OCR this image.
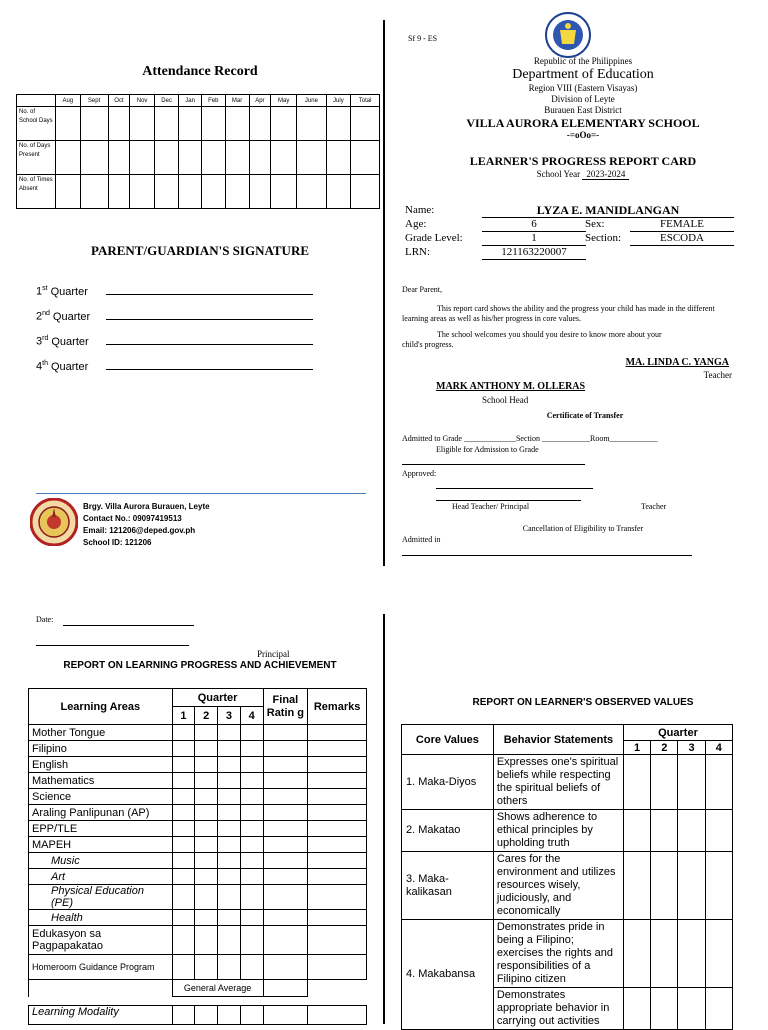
Attendance Record
	Aug	Sept	Oct	Nov	Dec	Jan	Feb	Mar	Apr	May	June	July	Total
No. of School Days													
No. of Days Present													
No. of Times Absent													
PARENT/GUARDIAN'S SIGNATURE
1st Quarter
2nd Quarter
3rd Quarter
4th Quarter
Brgy. Villa Aurora Burauen, Leyte
Contact No.: 09097419513
Email: 121206@deped.gov.ph
School ID: 121206
Sf 9 - ES
Republic of the Philippines
Department of Education
Region VIII (Eastern Visayas)
Division of Leyte
Burauen East District
VILLA AURORA ELEMENTARY SCHOOL
-=oOo=-
LEARNER'S PROGRESS REPORT CARD
School Year 2023-2024
Name:	LYZA E. MANIDLANGAN
Age:	6	Sex:	FEMALE
Grade Level:	1	Section:	ESCODA
LRN:	121163220007
Dear Parent,
This report card shows the ability and the progress your child has made in the different learning areas as well as his/her progress in core values.
The school welcomes you should you desire to know more about your
child's progress.
MA. LINDA C. YANGA
Teacher
MARK ANTHONY M. OLLERAS
School Head
Certificate of Transfer
Admitted to Grade _____________Section ____________Room____________
Eligible for Admission to Grade
Approved:
Head Teacher/ Principal	Teacher
Cancellation of Eligibility to Transfer
Admitted in
Date:
Principal
REPORT ON LEARNING PROGRESS AND ACHIEVEMENT
Learning Areas	Quarter				Final Ratin g	Remarks
	1	2	3	4		
Mother Tongue						
Filipino						
English						
Mathematics						
Science						
Araling Panlipunan (AP)						
EPP/TLE						
MAPEH						
Music						
Art						
Physical Education (PE)						
Health						
Edukasyon sa Pagpapakatao						
Homeroom Guidance Program						
	General Average					

Learning Modality						
REPORT ON LEARNER'S OBSERVED VALUES
Core Values	Behavior Statements	Quarter			
		1	2	3	4
1. Maka-Diyos	Expresses one's spiritual beliefs while respecting the spiritual beliefs of others				
2. Makatao	Shows adherence to ethical principles by upholding truth				
3. Maka-kalikasan	Cares for the environment and utilizes resources wisely, judiciously, and economically				
4. Makabansa	Demonstrates pride in being a Filipino; exercises the rights and responsibilities of a Filipino citizen				
	Demonstrates appropriate behavior in carrying out activities				
